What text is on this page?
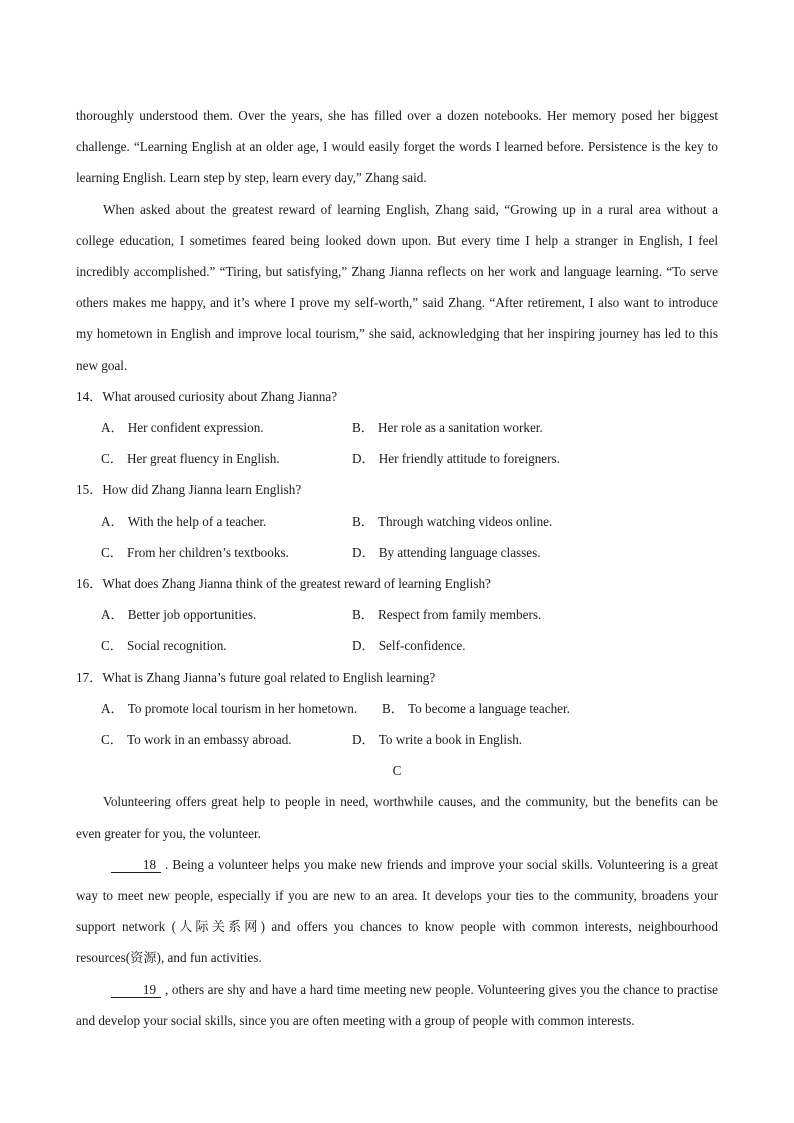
thoroughly understood them. Over the years, she has filled over a dozen notebooks. Her memory posed her biggest challenge. “Learning English at an older age, I would easily forget the words I learned before. Persistence is the key to learning English. Learn step by step, learn every day,” Zhang said.

When asked about the greatest reward of learning English, Zhang said, “Growing up in a rural area without a college education, I sometimes feared being looked down upon. But every time I help a stranger in English, I feel incredibly accomplished.” “Tiring, but satisfying,” Zhang Jianna reflects on her work and language learning. “To serve others makes me happy, and it’s where I prove my self-worth,” said Zhang. “After retirement, I also want to introduce my hometown in English and improve local tourism,” she said, acknowledging that her inspiring journey has led to this new goal.

14．What aroused curiosity about Zhang Jianna?

A． Her confident expression.	B． Her role as a sanitation worker.
C． Her great fluency in English.	D． Her friendly attitude to foreigners.

15．How did Zhang Jianna learn English?

A． With the help of a teacher.	B． Through watching videos online.
C． From her children’s textbooks.	D． By attending language classes.

16．What does Zhang Jianna think of the greatest reward of learning English?

A． Better job opportunities.	B． Respect from family members.
C． Social recognition.	D． Self-confidence.

17．What is Zhang Jianna’s future goal related to English learning?

A． To promote local tourism in her hometown. B． To become a language teacher.
C． To work in an embassy abroad.	D． To write a book in English.

C

Volunteering offers great help to people in need, worthwhile causes, and the community, but the benefits can be even greater for you, the volunteer.

18 . Being a volunteer helps you make new friends and improve your social skills. Volunteering is a great way to meet new people, especially if you are new to an area. It develops your ties to the community, broadens your support network (人际关系网) and offers you chances to know people with common interests, neighbourhood resources(资源), and fun activities.

19 , others are shy and have a hard time meeting new people. Volunteering gives you the chance to practise and develop your social skills, since you are often meeting with a group of people with common interests.
